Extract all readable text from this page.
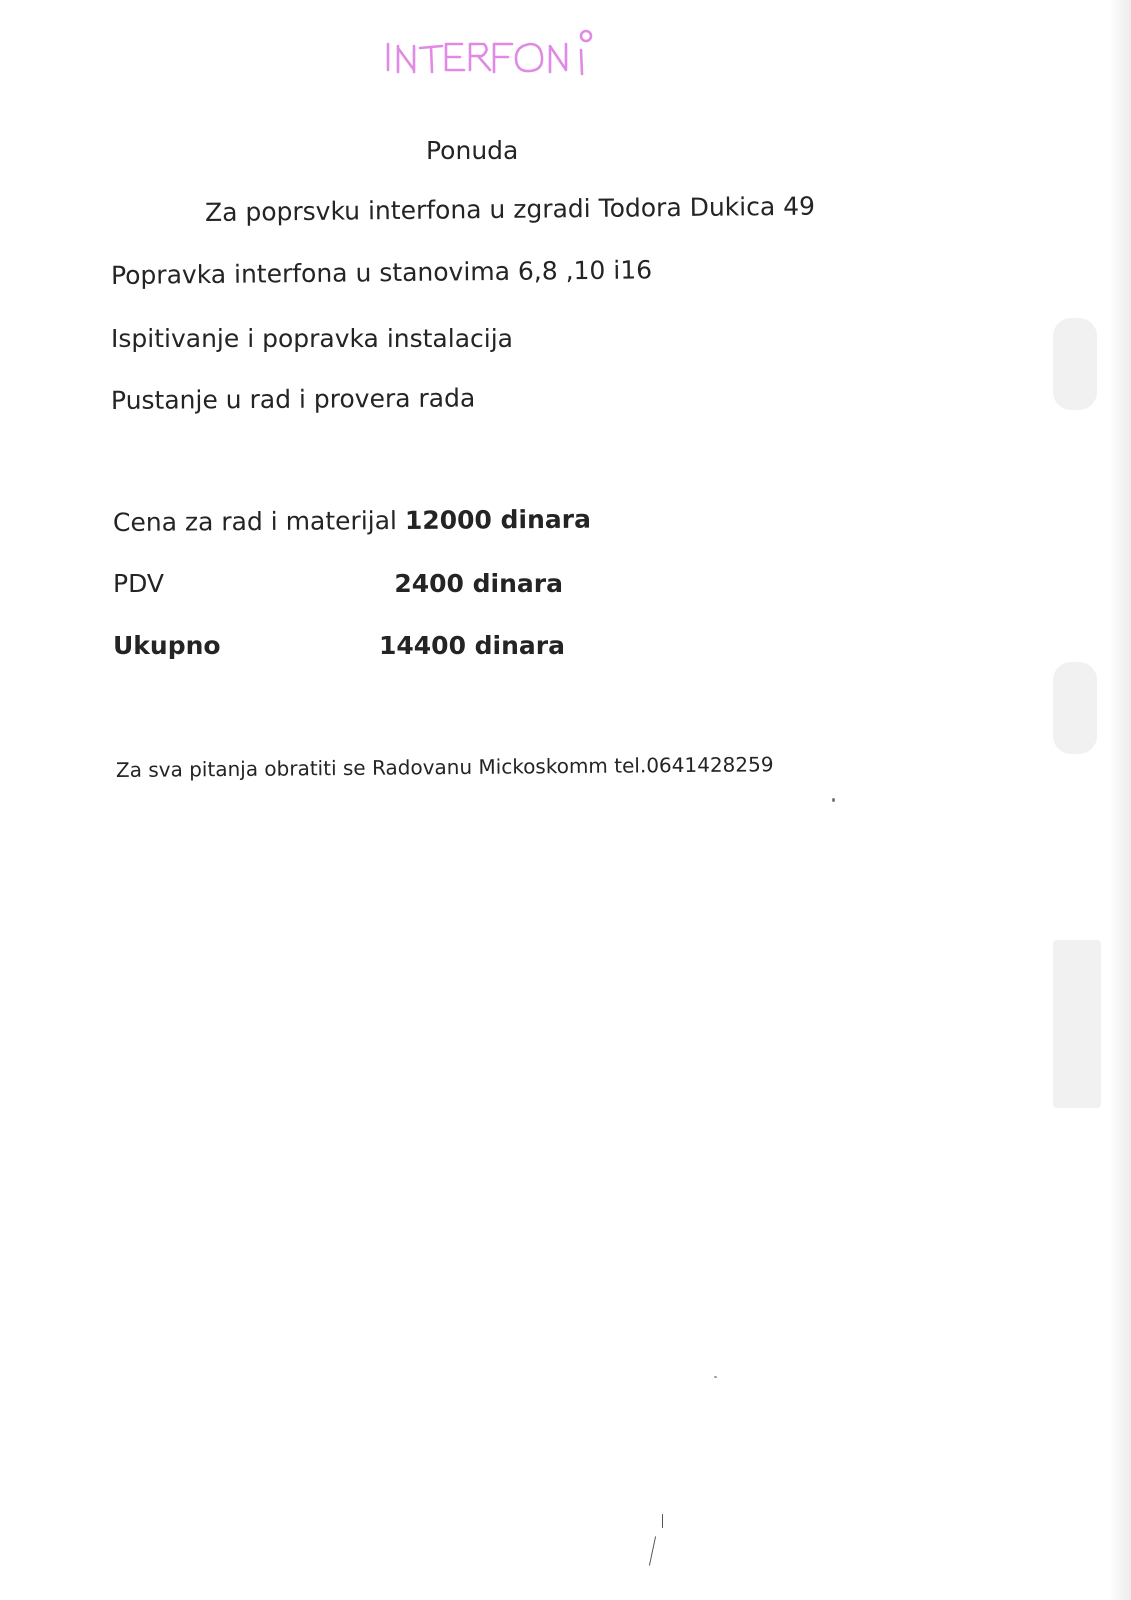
Ponuda
Za poprsvku interfona u zgradi Todora Dukica 49
Popravka interfona u stanovima 6,8 ,10 i16
Ispitivanje i popravka instalacija
Pustanje u rad i provera rada
Cena za rad i materijal 12000 dinara
PDV	2400 dinara
Ukupno	14400 dinara
Za sva pitanja obratiti se Radovanu Mickoskomm tel.0641428259
